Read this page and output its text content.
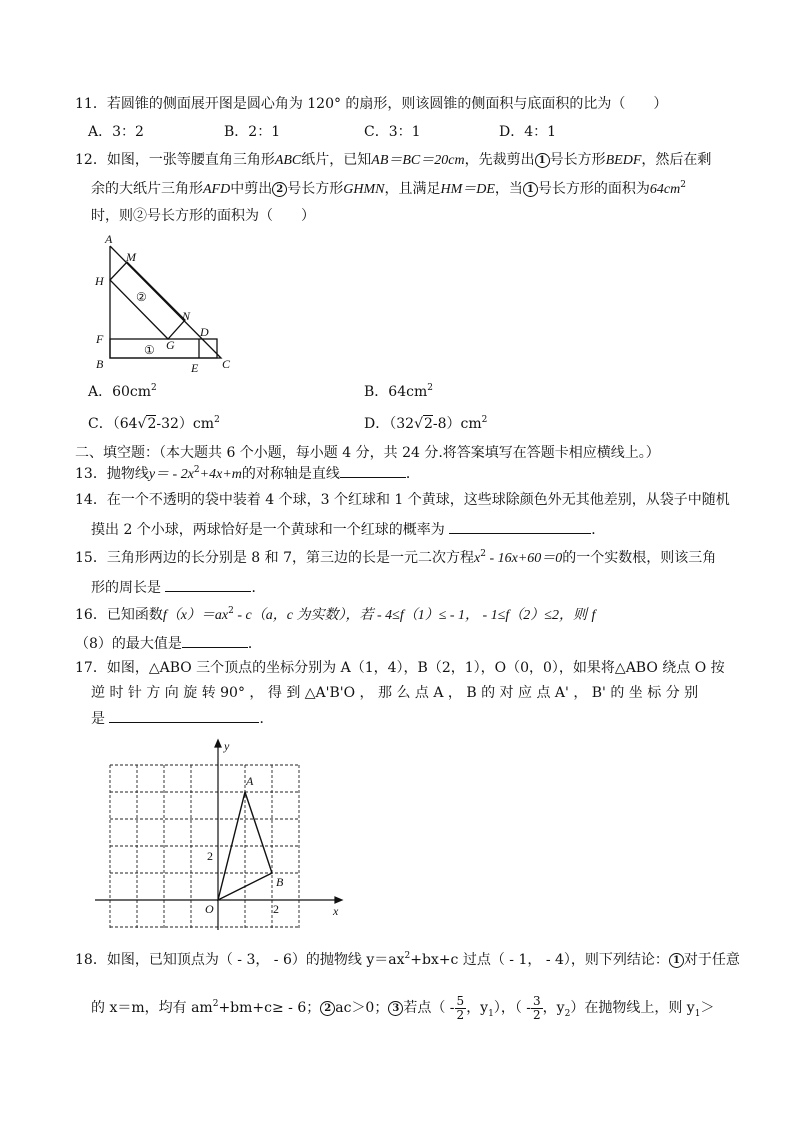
11．若圆锥的侧面展开图是圆心角为 120° 的扇形，则该圆锥的侧面积与底面积的比为（　　）
A．3：2	B．2：1	C．3：1	D．4：1
12．如图，一张等腰直角三角形ABC纸片，已知AB＝BC＝20cm，先裁剪出 1 号长方形BEDF，然后在剩
余的大纸片三角形AFD中剪出 2 号长方形GHMN，且满足HM＝DE，当 1 号长方形的面积为$64cm^2$
时，则②号长方形的面积为（　　）
A
M
H
②
N
F	D
G
①
B	E C
A．$60cm^2$	B．$64cm^2$
C．$(64√2-32)cm^2$	D．$(32√2-8)cm^2$
二、填空题：（本大题共 6 个小题，每小题 4 分，共 24 分.将答案填写在答题卡相应横线上。）
13．抛物线$y= - 2x^2+4x+m$的对称轴是直线	．
14．在一个不透明的袋中装着 4 个球，3 个红球和 1 个黄球，这些球除颜色外无其他差别，从袋子中随机
摸出 2 个小球，两球恰好是一个黄球和一个红球的概率为	．
15．三角形两边的长分别是 8 和 7，第三边的长是一元二次方程$x^2 - 16x+60=0$的一个实数根，则该三角
形的周长是	．
16．已知函数$f(x)=ax^2 - c(a$，c 为实数），若 - 4≤f（1）≤ - 1， - 1≤f（2）≤2，则 f
（8）的最大值是	．
17．如图，△ABO 三个顶点的坐标分别为 A（1，4），B（2，1），O（0，0），如果将△ABO 绕点 O 按
逆 时 针 方 向 旋 转 90° ， 得 到 △A'B'O ， 那 么 点 A ， B 的 对 应 点 A' ， B' 的 坐 标 分 别
是	．
y
A
2
B
O	2	x
18．如图，已知顶点为（ - 3， - 6）的抛物线 $y=ax^2+bx+c$ 过点（ - 1， - 4），则下列结论： 1 对于任意
的 x＝m，均有 $am^2+bm+c\ge - 6$； 2 ac＞0； 3 若点（ - $\frac{5}{2}$ ，$y_1$），（ - $\frac{3}{2}$ ，$y_2$）在抛物线上，则 $y_1>$
